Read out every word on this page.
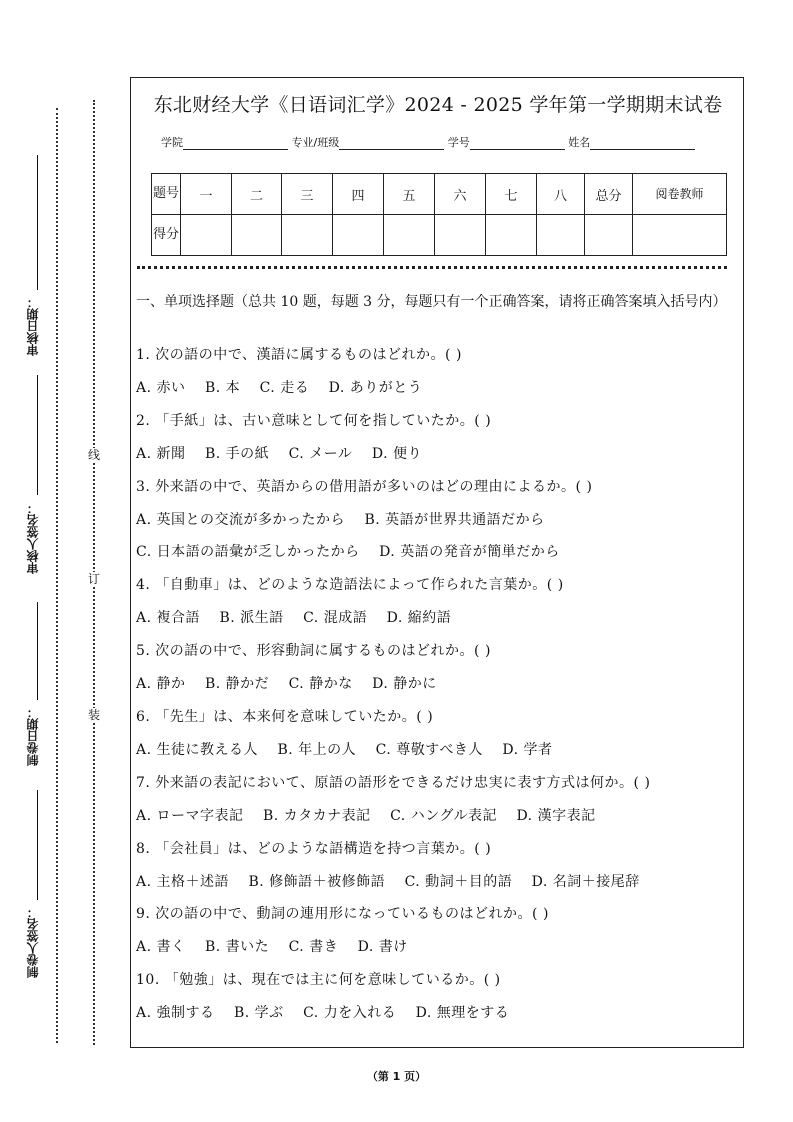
审核日期：
审核人签名：
制卷日期：
制卷人签名：
线
订
装
东北财经大学《日语词汇学》2024 - 2025 学年第一学期期末试卷
学院	专业/班级	学号	姓名
题号	一	二	三	四	五	六	七	八	总分	阅卷教师
得分										
一、单项选择题（总共 10 题，每题 3 分，每题只有一个正确答案，请将正确答案填入括号内）
1. 次の語の中で、漢語に属するものはどれか。( )
A. 赤い　 B. 本　 C. 走る　 D. ありがとう
2. 「手紙」は、古い意味として何を指していたか。( )
A. 新聞　 B. 手の紙　 C. メール　 D. 便り
3. 外来語の中で、英語からの借用語が多いのはどの理由によるか。( )
A. 英国との交流が多かったから　 B. 英語が世界共通語だから
C. 日本語の語彙が乏しかったから　 D. 英語の発音が簡単だから
4. 「自動車」は、どのような造語法によって作られた言葉か。( )
A. 複合語　 B. 派生語　 C. 混成語　 D. 縮約語
5. 次の語の中で、形容動詞に属するものはどれか。( )
A. 静か　 B. 静かだ　 C. 静かな　 D. 静かに
6. 「先生」は、本来何を意味していたか。( )
A. 生徒に教える人　 B. 年上の人　 C. 尊敬すべき人　 D. 学者
7. 外来語の表記において、原語の語形をできるだけ忠実に表す方式は何か。( )
A. ローマ字表記　 B. カタカナ表記　 C. ハングル表記　 D. 漢字表記
8. 「会社員」は、どのような語構造を持つ言葉か。( )
A. 主格＋述語　 B. 修飾語＋被修飾語　 C. 動詞＋目的語　 D. 名詞＋接尾辞
9. 次の語の中で、動詞の連用形になっているものはどれか。( )
A. 書く　 B. 書いた　 C. 書き　 D. 書け
10. 「勉強」は、現在では主に何を意味しているか。( )
A. 強制する　 B. 学ぶ　 C. 力を入れる　 D. 無理をする
（第 1 页）
